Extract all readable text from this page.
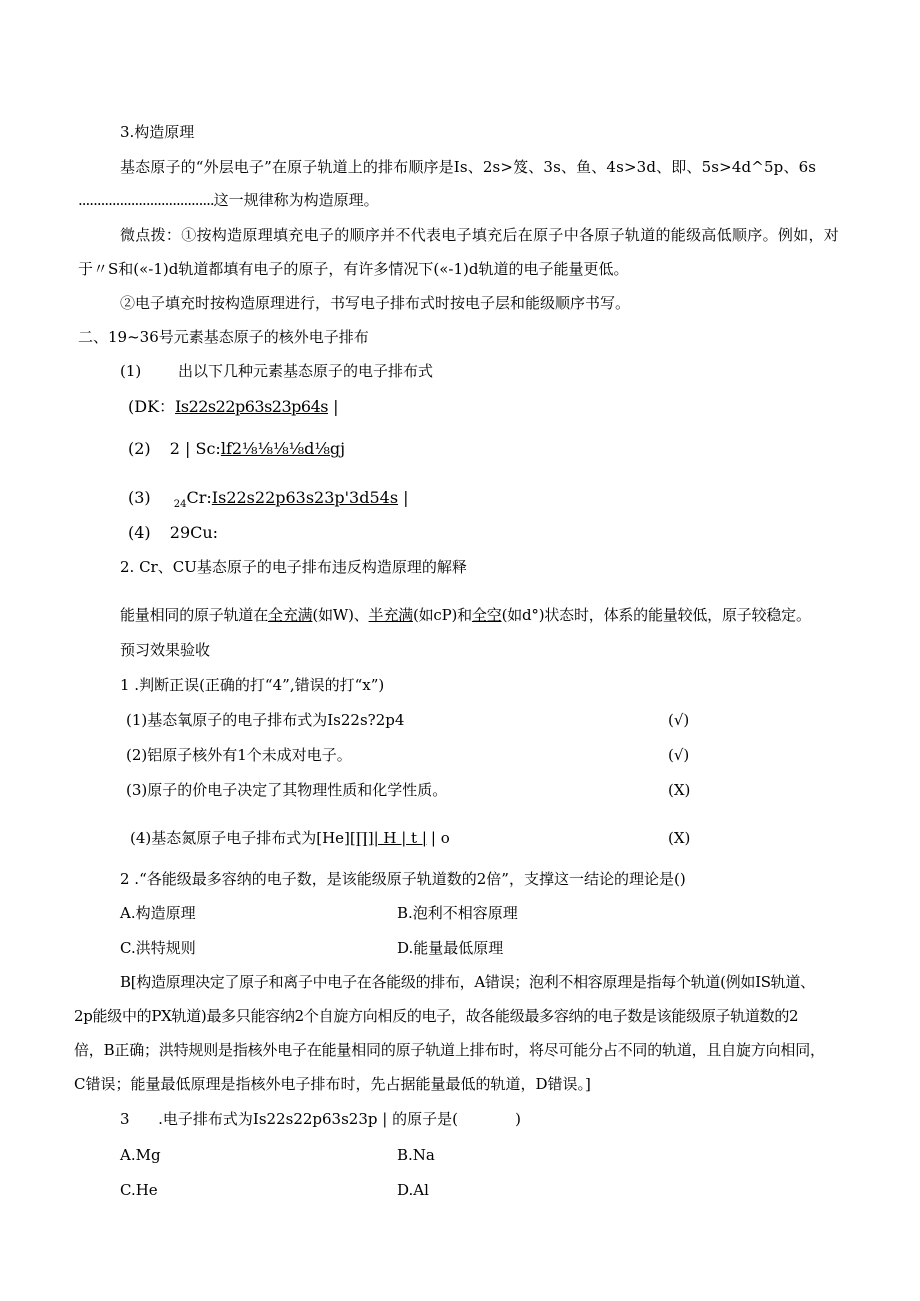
3.构造原理
基态原子的“外层电子”在原子轨道上的排布顺序是Is、2s>笈、3s、鱼、4s>3d、即、5s>4d^5p、6s
....................................这一规律称为构造原理。
微点拨：①按构造原理填充电子的顺序并不代表电子填充后在原子中各原子轨道的能级高低顺序。例如，对
于〃S和(«-1)d轨道都填有电子的原子，有许多情况下(«-1)d轨道的电子能量更低。
②电子填充时按构造原理进行，书写电子排布式时按电子层和能级顺序书写。
二、19~36号元素基态原子的核外电子排布
(1) 出以下几种元素基态原子的电子排布式
(DK：Is22s22p63s23p64s |
(2) 2 | Sc:lf2⅛⅛⅛⅛d⅛gj
(3) $_{24}$Cr:Is22s22p63s23p'3d54s |
(4) 29Cu:
2. Cr、CU基态原子的电子排布违反构造原理的解释
能量相同的原子轨道在全充满(如W)、半充满(如cP)和全空(如d°)状态时，体系的能量较低，原子较稳定。
预习效果验收
1 .判断正误(正确的打“4”,错误的打“x”)
(1)基态氧原子的电子排布式为Is22s?2p4	(√)
(2)铝原子核外有1个未成对电子。	(√)
(3)原子的价电子决定了其物理性质和化学性质。	(X)
(4)基态氮原子电子排布式为[He][∏]| H | t | | o	(X)
2 .“各能级最多容纳的电子数，是该能级原子轨道数的2倍”，支撑这一结论的理论是()
A.构造原理	B.泡利不相容原理
C.洪特规则	D.能量最低原理
B[构造原理决定了原子和离子中电子在各能级的排布，A错误；泡利不相容原理是指每个轨道(例如IS轨道、
2p能级中的PX轨道)最多只能容纳2个自旋方向相反的电子，故各能级最多容纳的电子数是该能级原子轨道数的2
倍，B正确；洪特规则是指核外电子在能量相同的原子轨道上排布时，将尽可能分占不同的轨道，且自旋方向相同，
C错误；能量最低原理是指核外电子排布时，先占据能量最低的轨道，D错误。]
3      .电子排布式为Is22s22p63s23p | 的原子是(            )
A.Mg	B.Na
C.He	D.Al
